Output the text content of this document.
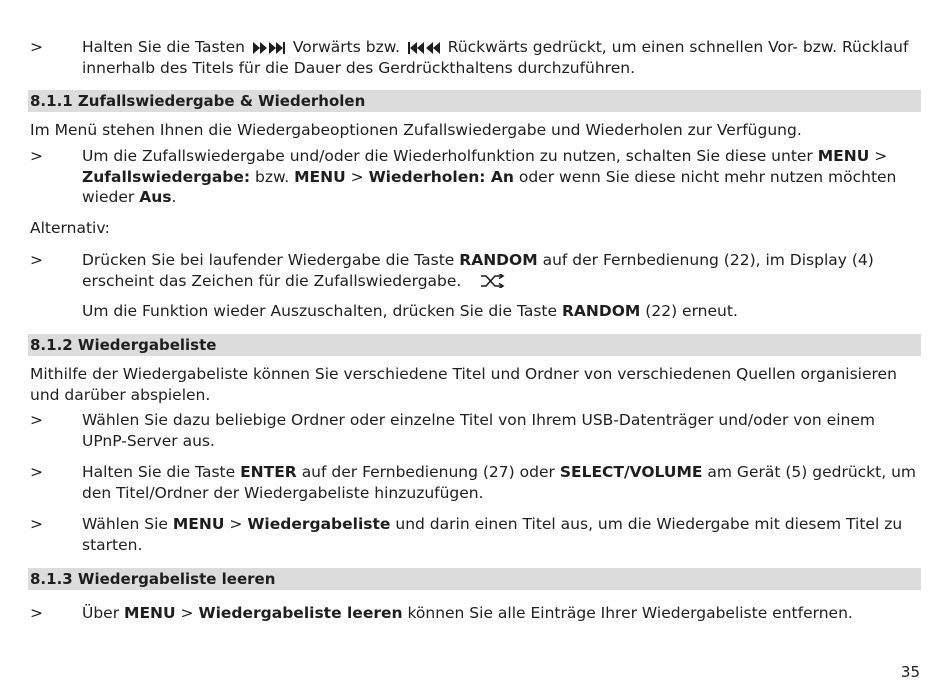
>	Halten Sie die Tasten	Vorwärts bzw.	Rückwärts gedrückt, um einen schnellen Vor- bzw. Rücklauf
innerhalb des Titels für die Dauer des Gerdrückthaltens durchzuführen.
8.1.1 Zufallswiedergabe & Wiederholen
Im Menü stehen Ihnen die Wiedergabeoptionen Zufallswiedergabe und Wiederholen zur Verfügung.
>	Um die Zufallswiedergabe und/oder die Wiederholfunktion zu nutzen, schalten Sie diese unter MENU >
Zufallswiedergabe: bzw. MENU > Wiederholen: An oder wenn Sie diese nicht mehr nutzen möchten
wieder Aus.
Alternativ:
>	Drücken Sie bei laufender Wiedergabe die Taste RANDOM auf der Fernbedienung (22), im Display (4)
erscheint das Zeichen für die Zufallswiedergabe.
Um die Funktion wieder Auszuschalten, drücken Sie die Taste RANDOM (22) erneut.
8.1.2 Wiedergabeliste
Mithilfe der Wiedergabeliste können Sie verschiedene Titel und Ordner von verschiedenen Quellen organisieren
und darüber abspielen.
>	Wählen Sie dazu beliebige Ordner oder einzelne Titel von Ihrem USB-Datenträger und/oder von einem
UPnP-Server aus.
>	Halten Sie die Taste ENTER auf der Fernbedienung (27) oder SELECT/VOLUME am Gerät (5) gedrückt, um
den Titel/Ordner der Wiedergabeliste hinzuzufügen.
>	Wählen Sie MENU > Wiedergabeliste und darin einen Titel aus, um die Wiedergabe mit diesem Titel zu
starten.
8.1.3 Wiedergabeliste leeren
>	Über MENU > Wiedergabeliste leeren können Sie alle Einträge Ihrer Wiedergabeliste entfernen.
35
